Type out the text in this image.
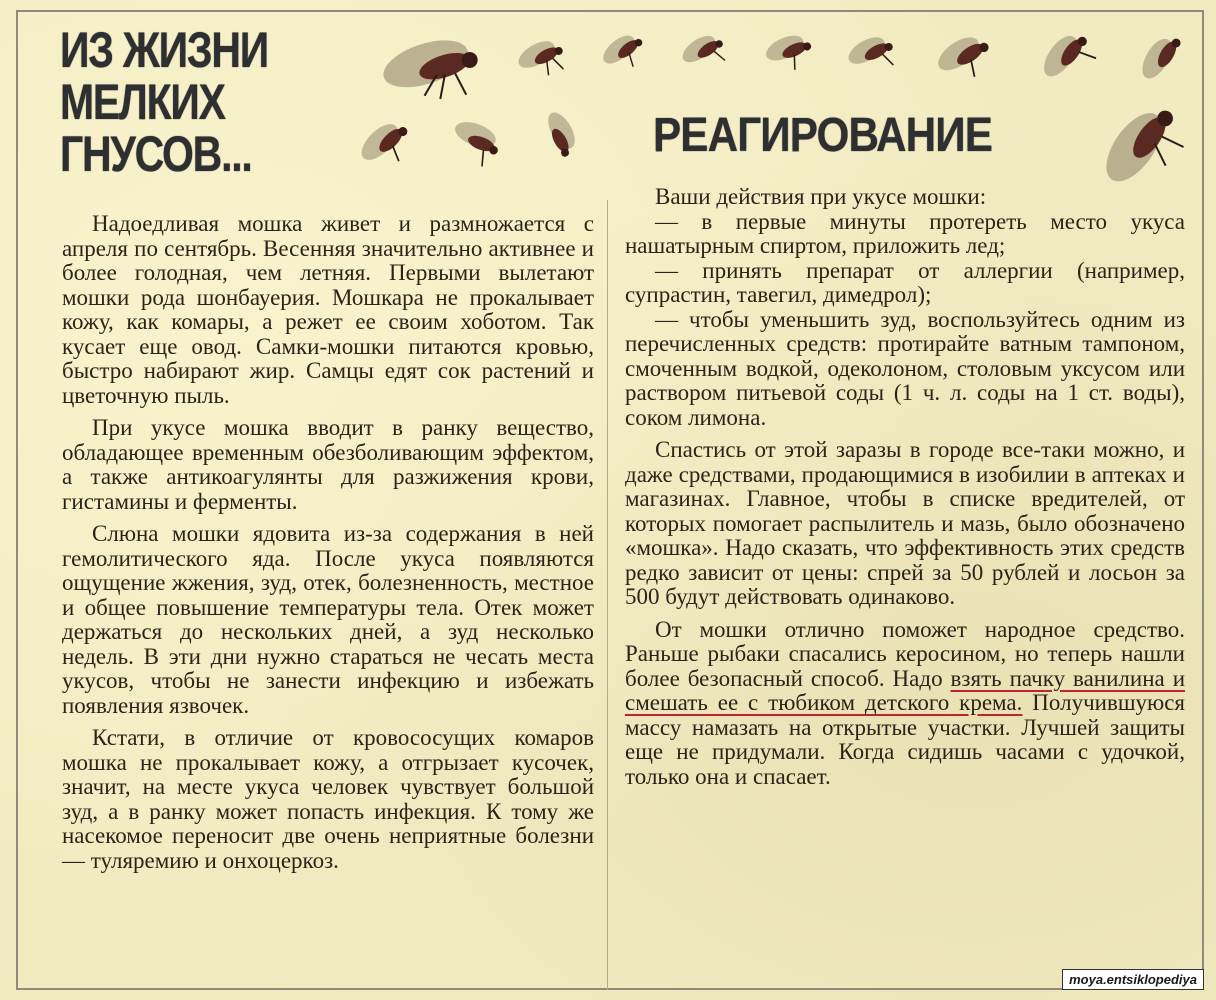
ИЗ ЖИЗНИ
МЕЛКИХ
ГНУСОВ...	РЕАГИРОВАНИЕ

Надоедливая мошка живет и размножается с апреля по сентябрь. Весенняя значительно активнее и более голодная, чем летняя. Первыми вылетают мошки рода шонбауерия. Мошкара не прокалывает кожу, как комары, а режет ее своим хоботом. Так кусает еще овод. Самки-мошки питаются кровью, быстро набирают жир. Самцы едят сок растений и цветочную пыль.

При укусе мошка вводит в ранку вещество, обладающее временным обезболивающим эффектом, а также антикоагулянты для разжижения крови, гистамины и ферменты.

Слюна мошки ядовита из-за содержания в ней гемолитического яда. После укуса появляются ощущение жжения, зуд, отек, болезненность, местное и общее повышение температуры тела. Отек может держаться до нескольких дней, а зуд несколько недель. В эти дни нужно стараться не чесать места укусов, чтобы не занести инфекцию и избежать появления язвочек.

Кстати, в отличие от кровососущих комаров мошка не прокалывает кожу, а отгрызает кусочек, значит, на месте укуса человек чувствует большой зуд, а в ранку может попасть инфекция. К тому же насекомое переносит две очень неприятные болезни — туляремию и онхоцеркоз.

Ваши действия при укусе мошки:

— в первые минуты протереть место укуса нашатырным спиртом, приложить лед;

— принять препарат от аллергии (например, супрастин, тавегил, димедрол);

— чтобы уменьшить зуд, воспользуйтесь одним из перечисленных средств: протирайте ватным тампоном, смоченным водкой, одеколоном, столовым уксусом или раствором питьевой соды (1 ч. л. соды на 1 ст. воды), соком лимона.

Спастись от этой заразы в городе все-таки можно, и даже средствами, продающимися в изобилии в аптеках и магазинах. Главное, чтобы в списке вредителей, от которых помогает распылитель и мазь, было обозначено «мошка». Надо сказать, что эффективность этих средств редко зависит от цены: спрей за 50 рублей и лосьон за 500 будут действовать одинаково.

От мошки отлично поможет народное средство. Раньше рыбаки спасались керосином, но теперь нашли более безопасный способ. Надо взять пачку ванилина и смешать ее с тюбиком детского крема. Получившуюся массу намазать на открытые участки. Лучшей защиты еще не придумали. Когда сидишь часами с удочкой, только она и спасает.

moya.entsiklopediya
